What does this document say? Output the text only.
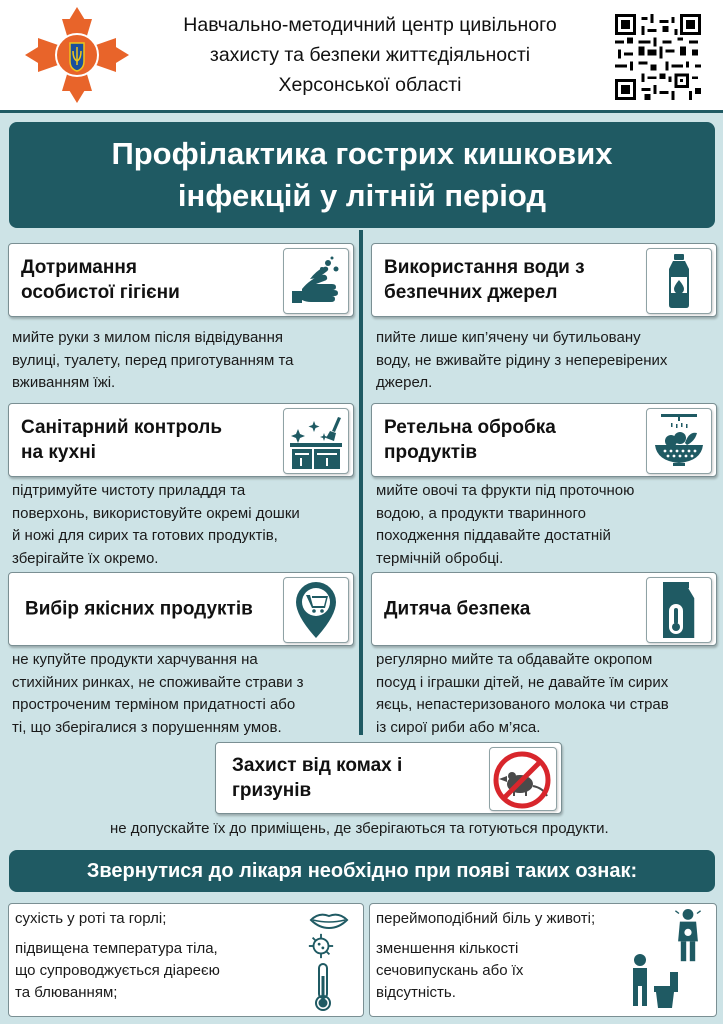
Навчально-методичний центр цивільного
захисту та безпеки життєдіяльності
Херсонської області
Профілактика гострих кишкових
інфекцій у літній період
Дотримання
особистої гігієни
мийте руки з милом після відвідування
вулиці, туалету, перед приготуванням та
вживанням їжі.
Використання води з
безпечних джерел
пийте лише кип’ячену чи бутильовану
воду, не вживайте рідину з неперевірених
джерел.
Санітарний контроль
на кухні
підтримуйте чистоту приладдя та
поверхонь, використовуйте окремі дошки
й ножі для сирих та готових продуктів,
зберігайте їх окремо.
Ретельна обробка
продуктів
мийте овочі та фрукти під проточною
водою, а продукти тваринного
походження піддавайте достатній
термічній обробці.
Вибір якісних продуктів
не купуйте продукти харчування на
стихійних ринках, не споживайте страви з
простроченим терміном придатності або
ті, що зберігалися з порушенням умов.
Дитяча безпека
регулярно мийте та обдавайте окропом
посуд і іграшки дітей, не давайте їм сирих
яєць, непастеризованого молока чи страв
із сирої риби або м’яса.
Захист від комах і
гризунів
не допускайте їх до приміщень, де зберігаються та готуються продукти.
Звернутися до лікаря необхідно при появі таких ознак:
сухість у роті та горлі;
підвищена температура тіла,
що супроводжується діареєю
та блюванням;
переймоподібний біль у животі;
зменшення кількості
сечовипускань або їх
відсутність.
